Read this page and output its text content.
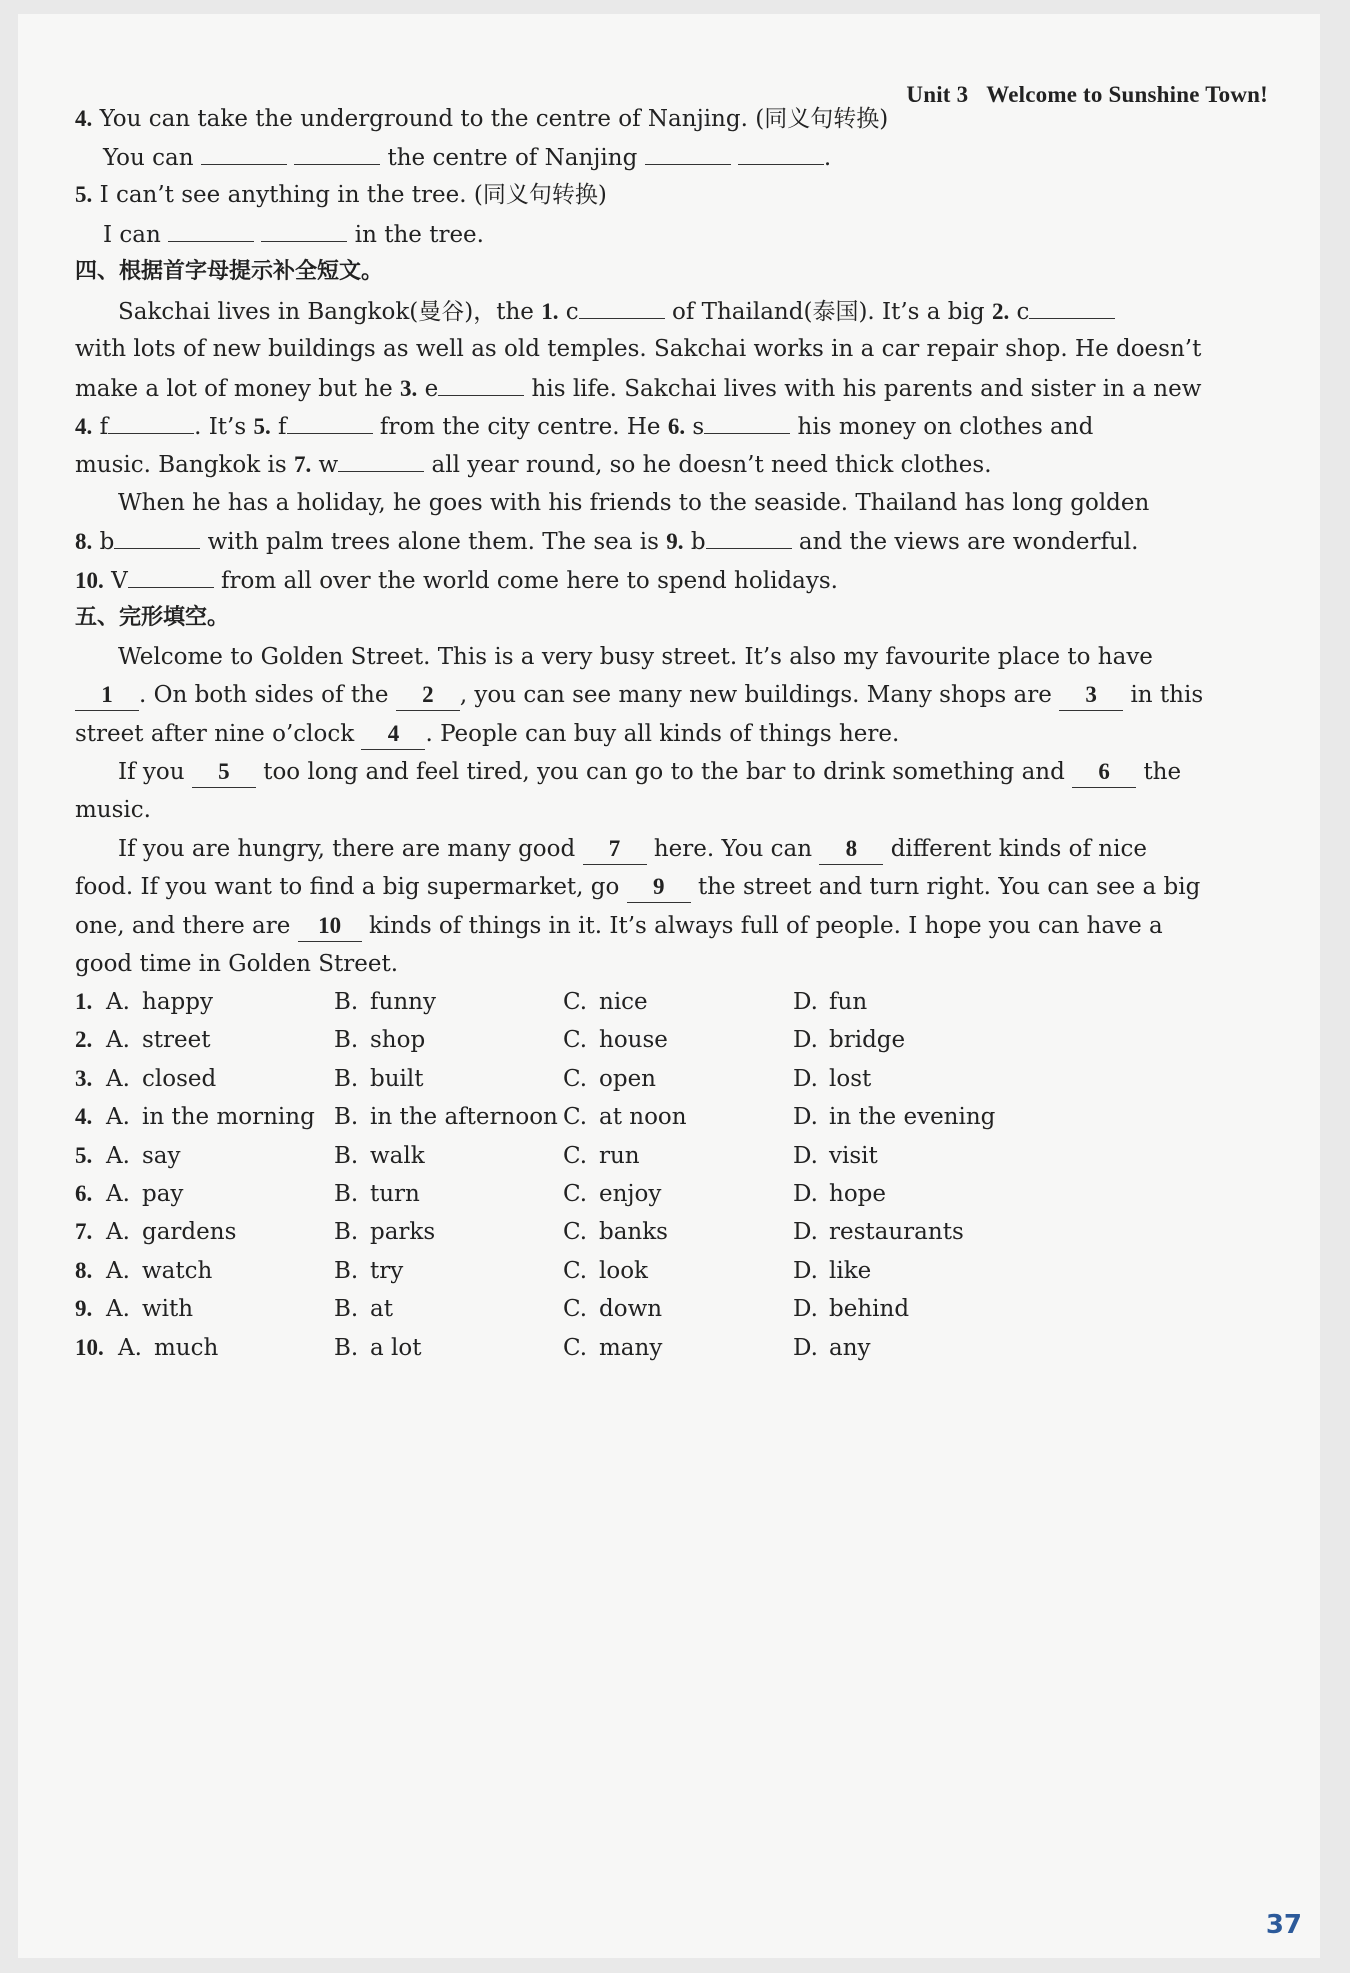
Unit 3 Welcome to Sunshine Town!
4. You can take the underground to the centre of Nanjing. (同义句转换)
You can	the centre of Nanjing	.
5. I can’t see anything in the tree. (同义句转换)
I can	in the tree.
四、根据首字母提示补全短文。
Sakchai lives in Bangkok(曼谷)，the 1. c	of Thailand(泰国). It’s a big 2. c
with lots of new buildings as well as old temples. Sakchai works in a car repair shop. He doesn’t
make a lot of money but he 3. e	his life. Sakchai lives with his parents and sister in a new
4. f	. It’s 5. f	from the city centre. He 6. s	his money on clothes and
music. Bangkok is 7. w	all year round, so he doesn’t need thick clothes.
When he has a holiday, he goes with his friends to the seaside. Thailand has long golden
8. b	with palm trees alone them. The sea is 9. b	and the views are wonderful.
10. V	from all over the world come here to spend holidays.
五、完形填空。
Welcome to Golden Street. This is a very busy street. It’s also my favourite place to have
1 . On both sides of the 2 , you can see many new buildings. Many shops are 3 in this
street after nine o’clock 4 . People can buy all kinds of things here.
If you 5 too long and feel tired, you can go to the bar to drink something and 6 the
music.
If you are hungry, there are many good 7 here. You can 8 different kinds of nice
food. If you want to find a big supermarket, go 9 the street and turn right. You can see a big
one, and there are 10 kinds of things in it. It’s always full of people. I hope you can have a
good time in Golden Street.
1. A. happy	B. funny	C. nice	D. fun
2. A. street	B. shop	C. house	D. bridge
3. A. closed	B. built	C. open	D. lost
4. A. in the morning B. in the afternoon C. at noon	D. in the evening
5. A. say	B. walk	C. run	D. visit
6. A. pay	B. turn	C. enjoy	D. hope
7. A. gardens	B. parks	C. banks	D. restaurants
8. A. watch	B. try	C. look	D. like
9. A. with	B. at	C. down	D. behind
10. A. much	B. a lot	C. many	D. any
37
